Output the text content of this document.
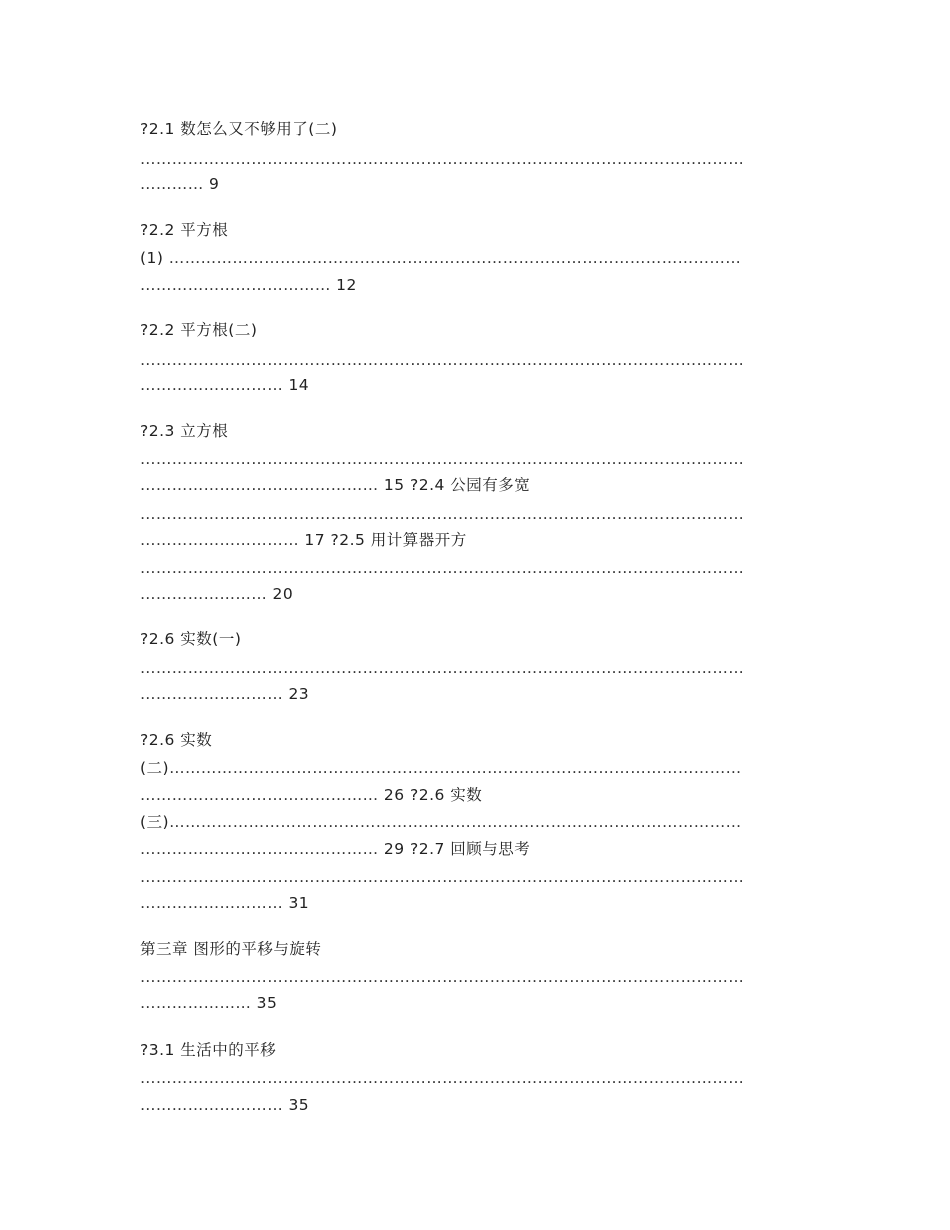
?2.1 数怎么又不够用了(二)
……………………………………………………………………………………………………
………… 9
?2.2 平方根
(1) ………………………………………………………………………………………………
……………………………… 12
?2.2 平方根(二)
……………………………………………………………………………………………………
……………………… 14
?2.3 立方根
……………………………………………………………………………………………………
……………………………………… 15 ?2.4 公园有多宽
……………………………………………………………………………………………………
………………………… 17 ?2.5 用计算器开方
……………………………………………………………………………………………………
…………………… 20
?2.6 实数(一)
……………………………………………………………………………………………………
……………………… 23
?2.6 实数
(二)………………………………………………………………………………………………
……………………………………… 26 ?2.6 实数
(三)………………………………………………………………………………………………
……………………………………… 29 ?2.7 回顾与思考
……………………………………………………………………………………………………
……………………… 31
第三章 图形的平移与旋转
……………………………………………………………………………………………………
………………… 35
?3.1 生活中的平移
……………………………………………………………………………………………………
……………………… 35
